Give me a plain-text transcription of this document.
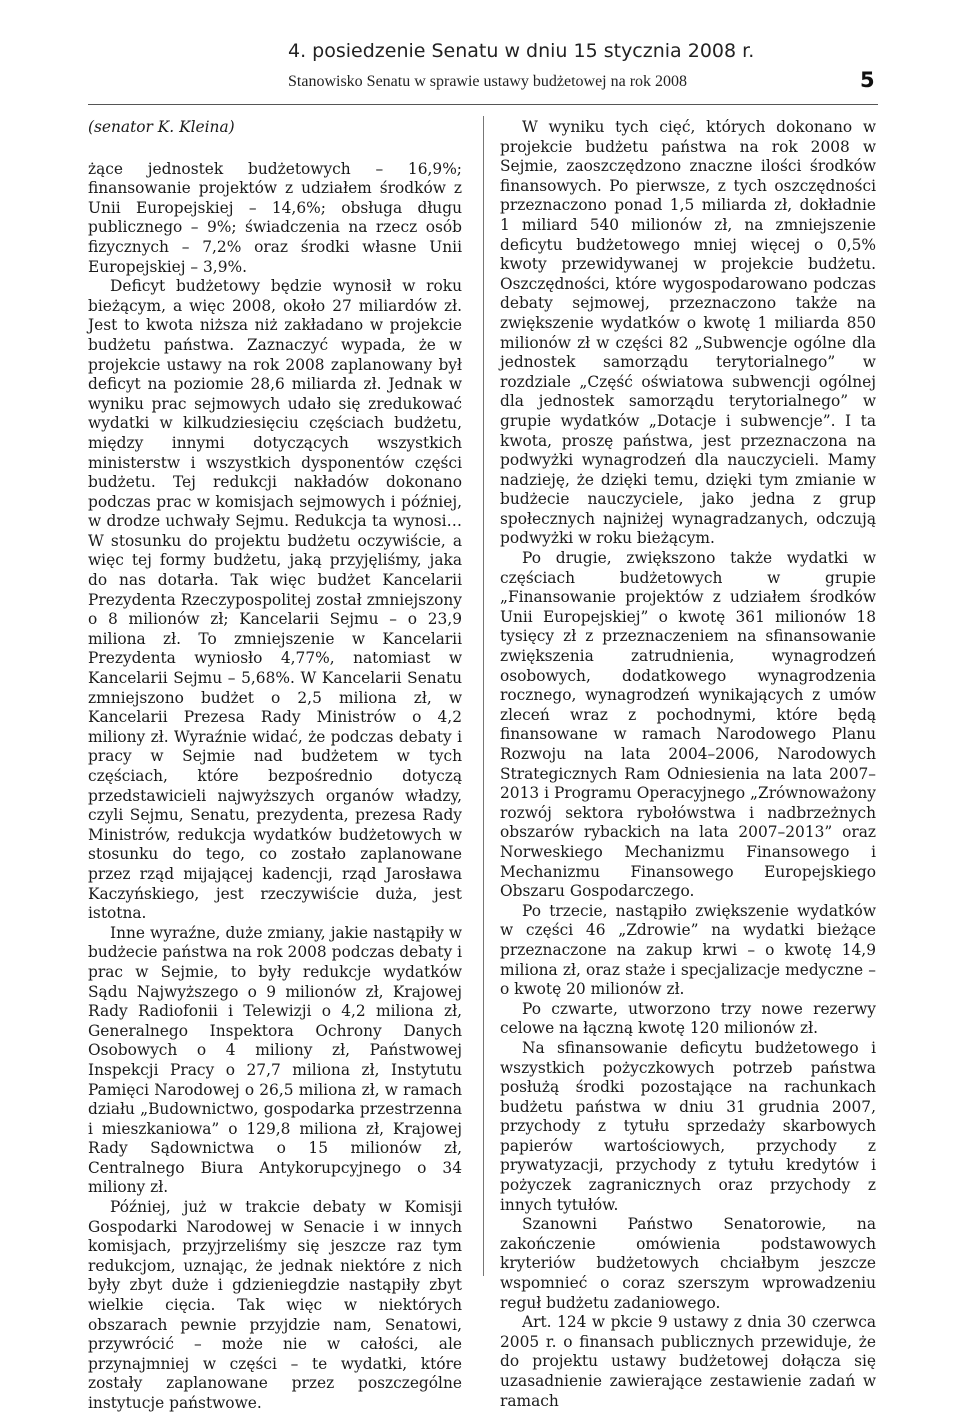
4. posiedzenie Senatu w dniu 15 stycznia 2008 r.
Stanowisko Senatu w sprawie ustawy budżetowej na rok 2008	5

(senator K. Kleina)

żące jednostek budżetowych – 16,9%; finansowanie projektów z udziałem środków z Unii Europejskiej – 14,6%; obsługa długu publicznego – 9%; świadczenia na rzecz osób fizycznych – 7,2% oraz środki własne Unii Europejskiej – 3,9%.

Deficyt budżetowy będzie wynosił w roku bieżącym, a więc 2008, około 27 miliardów zł. Jest to kwota niższa niż zakładano w projekcie budżetu państwa. Zaznaczyć wypada, że w projekcie ustawy na rok 2008 zaplanowany był deficyt na poziomie 28,6 miliarda zł. Jednak w wyniku prac sejmowych udało się zredukować wydatki w kilkudziesięciu częściach budżetu, między innymi dotyczących wszystkich ministerstw i wszystkich dysponentów części budżetu. Tej redukcji nakładów dokonano podczas prac w komisjach sejmowych i później, w drodze uchwały Sejmu. Redukcja ta wynosi… W stosunku do projektu budżetu oczywiście, a więc tej formy budżetu, jaką przyjęliśmy, jaka do nas dotarła. Tak więc budżet Kancelarii Prezydenta Rzeczypospolitej został zmniejszony o 8 milionów zł; Kancelarii Sejmu – o 23,9 miliona zł. To zmniejszenie w Kancelarii Prezydenta wyniosło 4,77%, natomiast w Kancelarii Sejmu – 5,68%. W Kancelarii Senatu zmniejszono budżet o 2,5 miliona zł, w Kancelarii Prezesa Rady Ministrów o 4,2 miliony zł. Wyraźnie widać, że podczas debaty i pracy w Sejmie nad budżetem w tych częściach, które bezpośrednio dotyczą przedstawicieli najwyższych organów władzy, czyli Sejmu, Senatu, prezydenta, prezesa Rady Ministrów, redukcja wydatków budżetowych w stosunku do tego, co zostało zaplanowane przez rząd mijającej kadencji, rząd Jarosława Kaczyńskiego, jest rzeczywiście duża, jest istotna.

Inne wyraźne, duże zmiany, jakie nastąpiły w budżecie państwa na rok 2008 podczas debaty i prac w Sejmie, to były redukcje wydatków Sądu Najwyższego o 9 milionów zł, Krajowej Rady Radiofonii i Telewizji o 4,2 miliona zł, Generalnego Inspektora Ochrony Danych Osobowych o 4 miliony zł, Państwowej Inspekcji Pracy o 27,7 miliona zł, Instytutu Pamięci Narodowej o 26,5 miliona zł, w ramach działu „Budownictwo, gospodarka przestrzenna i mieszkaniowa” o 129,8 miliona zł, Krajowej Rady Sądownictwa o 15 milionów zł, Centralnego Biura Antykorupcyjnego o 34 miliony zł.

Później, już w trakcie debaty w Komisji Gospodarki Narodowej w Senacie i w innych komisjach, przyjrzeliśmy się jeszcze raz tym redukcjom, uznając, że jednak niektóre z nich były zbyt duże i gdzieniegdzie nastąpiły zbyt wielkie cięcia. Tak więc w niektórych obszarach pewnie przyjdzie nam, Senatowi, przywrócić – może nie w całości, ale przynajmniej w części – te wydatki, które zostały zaplanowane przez poszczególne instytucje państwowe.

W wyniku tych cięć, których dokonano w projekcie budżetu państwa na rok 2008 w Sejmie, zaoszczędzono znaczne ilości środków finansowych. Po pierwsze, z tych oszczędności przeznaczono ponad 1,5 miliarda zł, dokładnie 1 miliard 540 milionów zł, na zmniejszenie deficytu budżetowego mniej więcej o 0,5% kwoty przewidywanej w projekcie budżetu. Oszczędności, które wygospodarowano podczas debaty sejmowej, przeznaczono także na zwiększenie wydatków o kwotę 1 miliarda 850 milionów zł w części 82 „Subwencje ogólne dla jednostek samorządu terytorialnego” w rozdziale „Część oświatowa subwencji ogólnej dla jednostek samorządu terytorialnego” w grupie wydatków „Dotacje i subwencje”. I ta kwota, proszę państwa, jest przeznaczona na podwyżki wynagrodzeń dla nauczycieli. Mamy nadzieję, że dzięki temu, dzięki tym zmianie w budżecie nauczyciele, jako jedna z grup społecznych najniżej wynagradzanych, odczują podwyżki w roku bieżącym.

Po drugie, zwiększono także wydatki w częściach budżetowych w grupie „Finansowanie projektów z udziałem środków Unii Europejskiej” o kwotę 361 milionów 18 tysięcy zł z przeznaczeniem na sfinansowanie zwiększenia zatrudnienia, wynagrodzeń osobowych, dodatkowego wynagrodzenia rocznego, wynagrodzeń wynikających z umów zleceń wraz z pochodnymi, które będą finansowane w ramach Narodowego Planu Rozwoju na lata 2004–2006, Narodowych Strategicznych Ram Odniesienia na lata 2007–2013 i Programu Operacyjnego „Zrównoważony rozwój sektora rybołówstwa i nadbrzeżnych obszarów rybackich na lata 2007–2013” oraz Norweskiego Mechanizmu Finansowego i Mechanizmu Finansowego Europejskiego Obszaru Gospodarczego.

Po trzecie, nastąpiło zwiększenie wydatków w części 46 „Zdrowie” na wydatki bieżące przeznaczone na zakup krwi – o kwotę 14,9 miliona zł, oraz staże i specjalizacje medyczne – o kwotę 20 milionów zł.

Po czwarte, utworzono trzy nowe rezerwy celowe na łączną kwotę 120 milionów zł.

Na sfinansowanie deficytu budżetowego i wszystkich pożyczkowych potrzeb państwa posłużą środki pozostające na rachunkach budżetu państwa w dniu 31 grudnia 2007, przychody z tytułu sprzedaży skarbowych papierów wartościowych, przychody z prywatyzacji, przychody z tytułu kredytów i pożyczek zagranicznych oraz przychody z innych tytułów.

Szanowni Państwo Senatorowie, na zakończenie omówienia podstawowych kryteriów budżetowych chciałbym jeszcze wspomnieć o coraz szerszym wprowadzeniu reguł budżetu zadaniowego.

Art. 124 w pkcie 9 ustawy z dnia 30 czerwca 2005 r. o finansach publicznych przewiduje, że do projektu ustawy budżetowej dołącza się uzasadnienie zawierające zestawienie zadań w ramach
